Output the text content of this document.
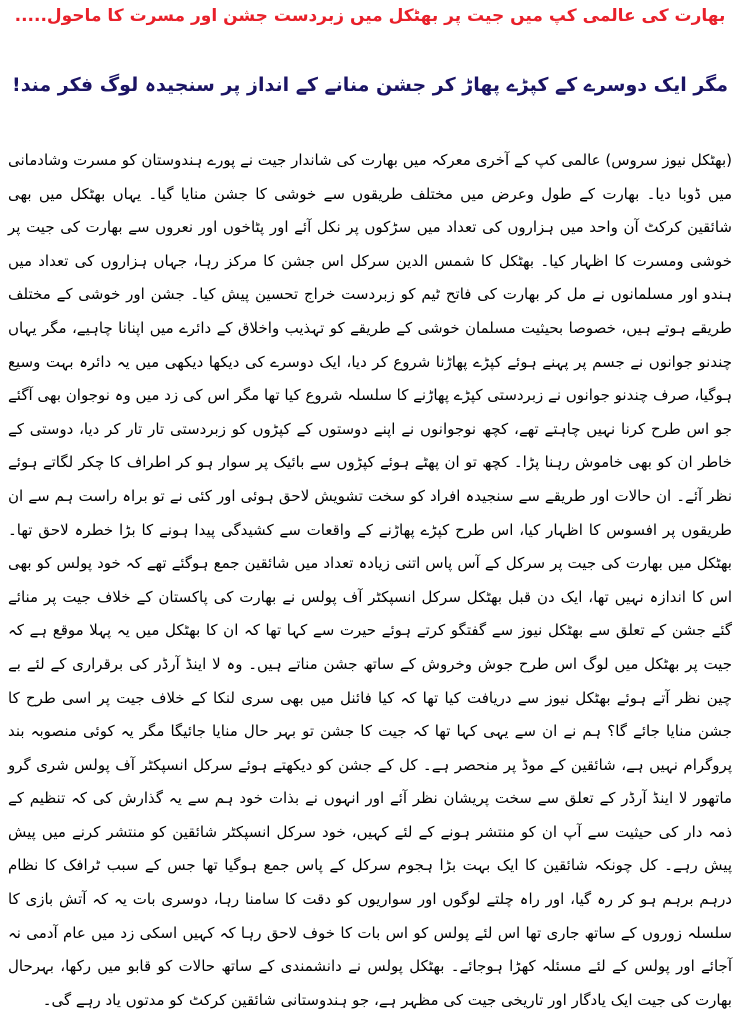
بھارت کی عالمی کپ میں جیت پر بھٹکل میں زبردست جشن اور مسرت کا ماحول.....
مگر ایک دوسرے کے کپڑے پھاڑ کر جشن منانے کے انداز پر سنجیدہ لوگ فکر مند!

(بھٹکل نیوز سروس) عالمی کپ کے آخری معرکہ میں بھارت کی شاندار جیت نے پورے ہندوستان کو مسرت وشادمانی میں ڈوبا دیا۔ بھارت کے طول وعرض میں مختلف طریقوں سے خوشی کا جشن منایا گیا۔ یہاں بھٹکل میں بھی شائقین کرکٹ آن واحد میں ہزاروں کی تعداد میں سڑکوں پر نکل آئے اور پٹاخوں اور نعروں سے بھارت کی جیت پر خوشی ومسرت کا اظہار کیا۔ بھٹکل کا شمس الدین سرکل اس جشن کا مرکز رہا، جہاں ہزاروں کی تعداد میں ہندو اور مسلمانوں نے مل کر بھارت کی فاتح ٹیم کو زبردست خراج تحسین پیش کیا۔ جشن اور خوشی کے مختلف طریقے ہوتے ہیں، خصوصا بحیثیت مسلمان خوشی کے طریقے کو تہذیب واخلاق کے دائرے میں اپنانا چاہیے، مگر یہاں چندنو جوانوں نے جسم پر پہنے ہوئے کپڑے پھاڑنا شروع کر دیا، ایک دوسرے کی دیکھا دیکھی میں یہ دائرہ بہت وسیع ہوگیا، صرف چندنو جوانوں نے زبردستی کپڑے پھاڑنے کا سلسلہ شروع کیا تھا مگر اس کی زد میں وہ نوجوان بھی آگئے جو اس طرح کرنا نہیں چاہتے تھے، کچھ نوجوانوں نے اپنے دوستوں کے کپڑوں کو زبردستی تار تار کر دیا، دوستی کے خاطر ان کو بھی خاموش رہنا پڑا۔ کچھ تو ان پھٹے ہوئے کپڑوں سے بائیک پر سوار ہو کر اطراف کا چکر لگاتے ہوئے نظر آئے۔ ان حالات اور طریقے سے سنجیدہ افراد کو سخت تشویش لاحق ہوئی اور کئی نے تو براہ راست ہم سے ان طریقوں پر افسوس کا اظہار کیا، اس طرح کپڑے پھاڑنے کے واقعات سے کشیدگی پیدا ہونے کا بڑا خطرہ لاحق تھا۔ بھٹکل میں بھارت کی جیت پر سرکل کے آس پاس اتنی زیادہ تعداد میں شائقین جمع ہوگئے تھے کہ خود پولس کو بھی اس کا اندازہ نہیں تھا، ایک دن قبل بھٹکل سرکل انسپکٹر آف پولس نے بھارت کی پاکستان کے خلاف جیت پر منائے گئے جشن کے تعلق سے بھٹکل نیوز سے گفتگو کرتے ہوئے حیرت سے کہا تھا کہ ان کا بھٹکل میں یہ پہلا موقع ہے کہ جیت پر بھٹکل میں لوگ اس طرح جوش وخروش کے ساتھ جشن مناتے ہیں۔ وہ لا اینڈ آرڈر کی برقراری کے لئے بے چین نظر آتے ہوئے بھٹکل نیوز سے دریافت کیا تھا کہ کیا فائنل میں بھی سری لنکا کے خلاف جیت پر اسی طرح کا جشن منایا جائے گا؟ ہم نے ان سے یہی کہا تھا کہ جیت کا جشن تو بہر حال منایا جائیگا مگر یہ کوئی منصوبہ بند پروگرام نہیں ہے، شائقین کے موڈ پر منحصر ہے۔ کل کے جشن کو دیکھتے ہوئے سرکل انسپکٹر آف پولس شری گرو ماتھور لا اینڈ آرڈر کے تعلق سے سخت پریشان نظر آئے اور انہوں نے بذات خود ہم سے یہ گذارش کی کہ تنظیم کے ذمہ دار کی حیثیت سے آپ ان کو منتشر ہونے کے لئے کہیں، خود سرکل انسپکٹر شائقین کو منتشر کرنے میں پیش پیش رہے۔ کل چونکہ شائقین کا ایک بہت بڑا ہجوم سرکل کے پاس جمع ہوگیا تھا جس کے سبب ٹرافک کا نظام درہم برہم ہو کر رہ گیا، اور راہ چلتے لوگوں اور سواریوں کو دقت کا سامنا رہا، دوسری بات یہ کہ آتش بازی کا سلسلہ زوروں کے ساتھ جاری تھا اس لئے پولس کو اس بات کا خوف لاحق رہا کہ کہیں اسکی زد میں عام آدمی نہ آجائے اور پولس کے لئے مسئلہ کھڑا ہوجائے۔ بھٹکل پولس نے دانشمندی کے ساتھ حالات کو قابو میں رکھا، بہرحال بھارت کی جیت ایک یادگار اور تاریخی جیت کی مظہر ہے، جو ہندوستانی شائقین کرکٹ کو مدتوں یاد رہے گی۔
